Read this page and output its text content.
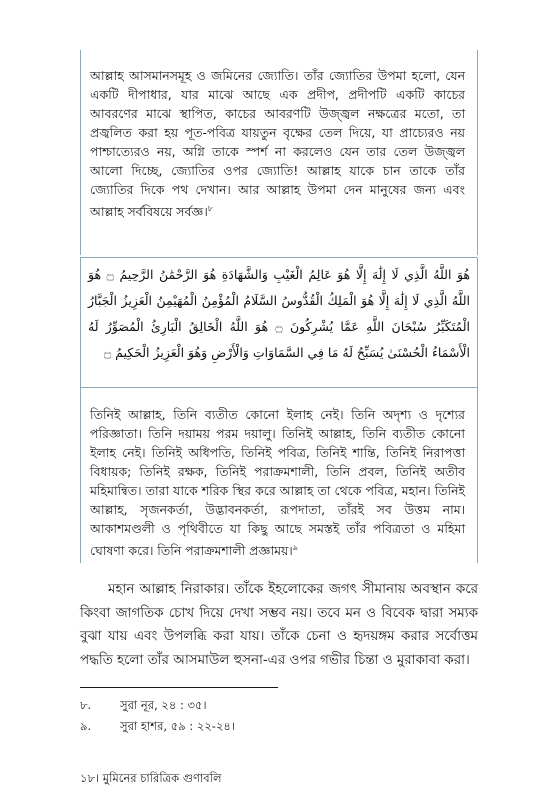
আল্লাহ আসমানসমূহ ও জমিনের জ্যোতি। তাঁর জ্যোতির উপমা হলো, যেন একটি দীপাধার, যার মাঝে আছে এক প্রদীপ, প্রদীপটি একটি কাচের আবরণের মাঝে স্থাপিত, কাচের আবরণটি উজ্জ্বল নক্ষত্রের মতো, তা প্রজ্বলিত করা হয় পূত-পবিত্র যায়তুন বৃক্ষের তেল দিয়ে, যা প্রাচ্যেরও নয় পাশ্চাত্যেরও নয়, অগ্নি তাকে স্পর্শ না করলেও যেন তার তেল উজ্জ্বল আলো দিচ্ছে, জ্যোতির ওপর জ্যোতি! আল্লাহ যাকে চান তাকে তাঁর জ্যোতির দিকে পথ দেখান। আর আল্লাহ উপমা দেন মানুষের জন্য এবং আল্লাহ সর্ববিষয়ে সর্বজ্ঞ।$^৮$
هُوَ اللَّهُ الَّذِي لَا إِلَٰهَ إِلَّا هُوَ عَالِمُ الْغَيْبِ وَالشَّهَادَةِ هُوَ الرَّحْمَٰنُ الرَّحِيمُ ۝ هُوَ اللَّهُ الَّذِي لَا إِلَٰهَ إِلَّا هُوَ الْمَلِكُ الْقُدُّوسُ السَّلَامُ الْمُؤْمِنُ الْمُهَيْمِنُ الْعَزِيزُ الْجَبَّارُ الْمُتَكَبِّرُ سُبْحَانَ اللَّهِ عَمَّا يُشْرِكُونَ ۝ هُوَ اللَّهُ الْخَالِقُ الْبَارِئُ الْمُصَوِّرُ لَهُ الْأَسْمَاءُ الْحُسْنَىٰ يُسَبِّحُ لَهُ مَا فِي السَّمَاوَاتِ وَالْأَرْضِ وَهُوَ الْعَزِيزُ الْحَكِيمُ ۝
তিনিই আল্লাহ, তিনি ব্যতীত কোনো ইলাহ নেই। তিনি অদৃশ্য ও দৃশ্যের পরিজ্ঞাতা। তিনি দয়াময় পরম দয়ালু। তিনিই আল্লাহ, তিনি ব্যতীত কোনো ইলাহ নেই। তিনিই অধিপতি, তিনিই পবিত্র, তিনিই শান্তি, তিনিই নিরাপত্তা বিধায়ক; তিনিই রক্ষক, তিনিই পরাক্রমশালী, তিনি প্রবল, তিনিই অতীব মহিমান্বিত। তারা যাকে শরিক স্থির করে আল্লাহ তা থেকে পবিত্র, মহান। তিনিই আল্লাহ, সৃজনকর্তা, উদ্ভাবনকর্তা, রূপদাতা, তাঁরই সব উত্তম নাম। আকাশমণ্ডলী ও পৃথিবীতে যা কিছু আছে সমস্তই তাঁর পবিত্রতা ও মহিমা ঘোষণা করে। তিনি পরাক্রমশালী প্রজ্ঞাময়।$^৯$
মহান আল্লাহ নিরাকার। তাঁকে ইহলোকের জগৎ সীমানায় অবস্থান করে কিংবা জাগতিক চোখ দিয়ে দেখা সম্ভব নয়। তবে মন ও বিবেক দ্বারা সম্যক বুঝা যায় এবং উপলব্ধি করা যায়। তাঁকে চেনা ও হৃদয়ঙ্গম করার সর্বোত্তম পদ্ধতি হলো তাঁর আসমাউল হুসনা-এর ওপর গভীর চিন্তা ও মুরাকাবা করা।
৮.	সুরা নূর, ২৪ : ৩৫।
৯.	সুরা হাশর, ৫৯ : ২২-২৪।
১৮। মুমিনের চারিত্রিক গুণাবলি
